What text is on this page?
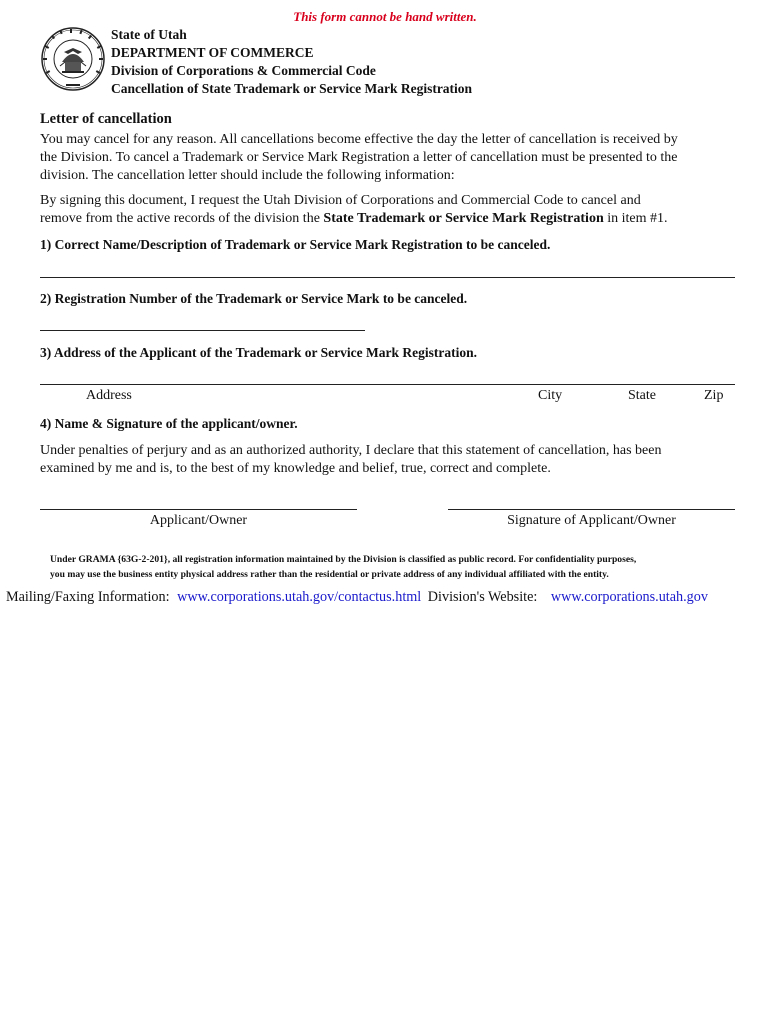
This form cannot be hand written.
State of Utah
DEPARTMENT OF COMMERCE
Division of Corporations & Commercial Code
Cancellation of State Trademark or Service Mark Registration
Letter of cancellation
You may cancel for any reason. All cancellations become effective the day the letter of cancellation is received by
the Division. To cancel a Trademark or Service Mark Registration a letter of cancellation must be presented to the
division. The cancellation letter should include the following information:
By signing this document, I request the Utah Division of Corporations and Commercial Code to cancel and
remove from the active records of the division the State Trademark or Service Mark Registration in item #1.
1) Correct Name/Description of Trademark or Service Mark Registration to be canceled.
2) Registration Number of the Trademark or Service Mark to be canceled.
3) Address of the Applicant of the Trademark or Service Mark Registration.
Address	City	State	Zip
4) Name & Signature of the applicant/owner.
Under penalties of perjury and as an authorized authority, I declare that this statement of cancellation, has been
examined by me and is, to the best of my knowledge and belief, true, correct and complete.
Applicant/Owner	Signature of Applicant/Owner
Under GRAMA {63G-2-201}, all registration information maintained by the Division is classified as public record. For confidentiality purposes,
you may use the business entity physical address rather than the residential or private address of any individual affiliated with the entity.
Mailing/Faxing Information: www.corporations.utah.gov/contactus.html Division's Website: www.corporations.utah.gov
